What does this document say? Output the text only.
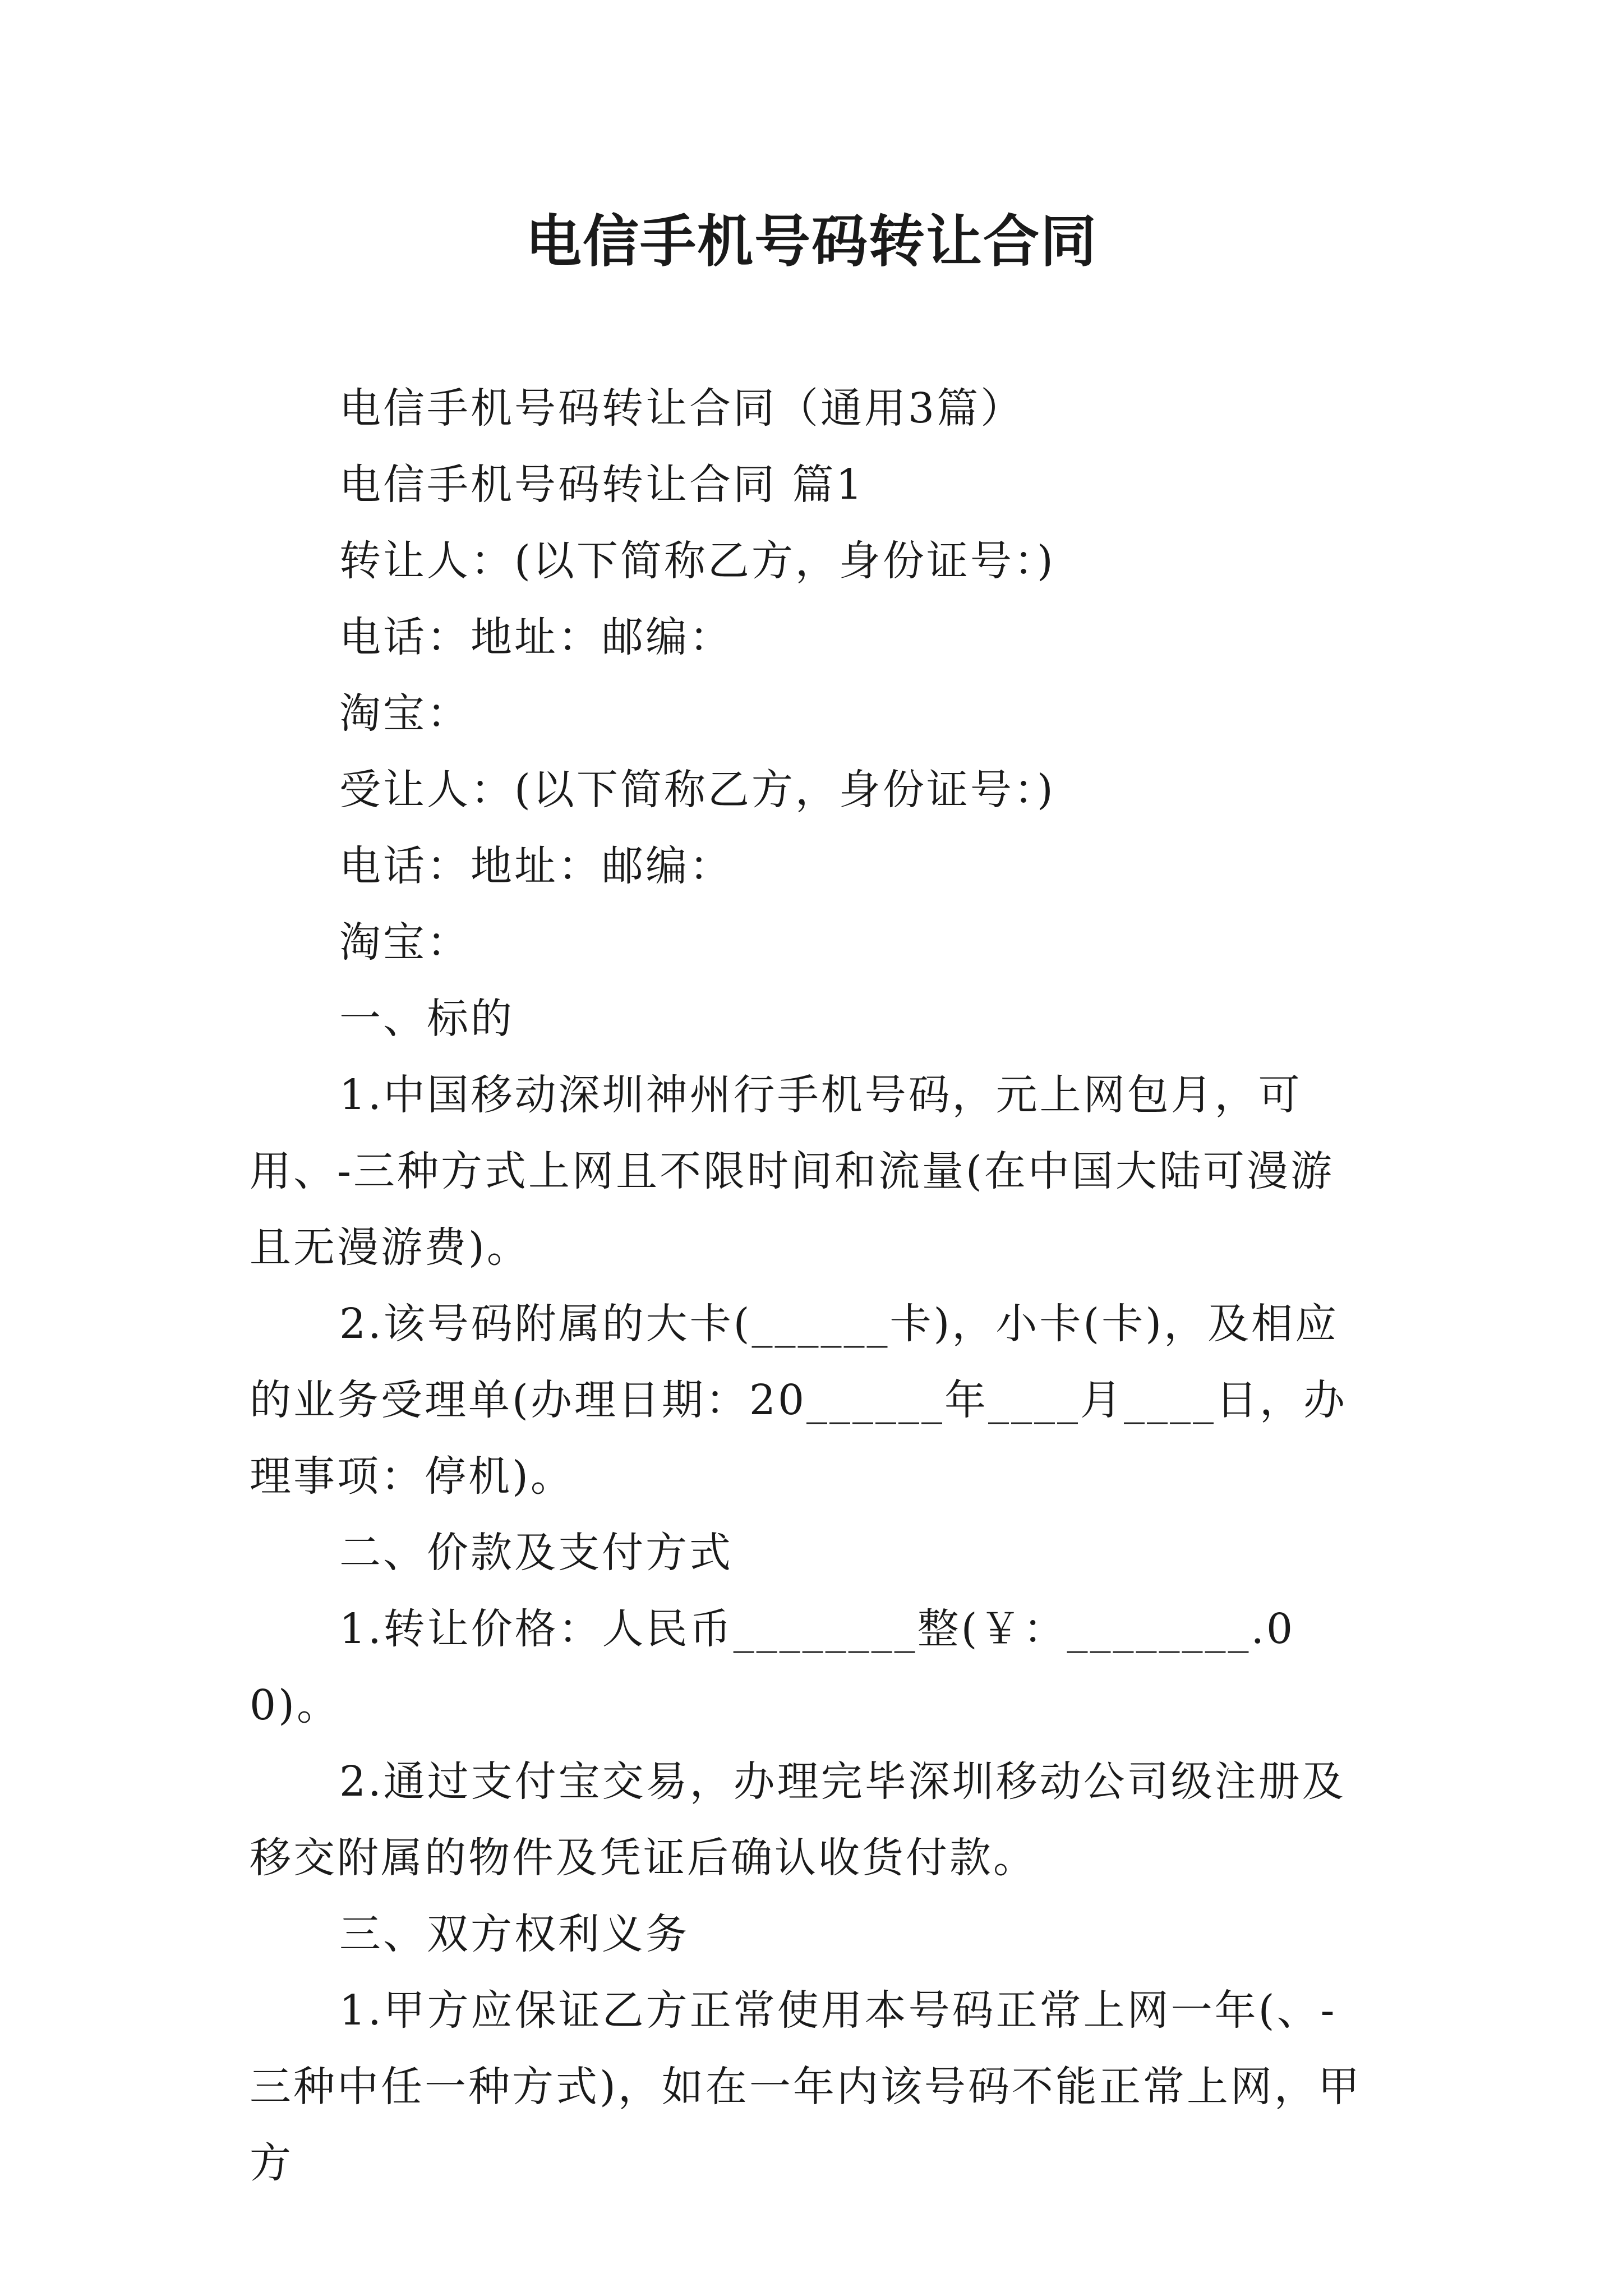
电信手机号码转让合同

电信手机号码转让合同（通用3篇）

电信手机号码转让合同 篇1

转让人：(以下简称乙方，身份证号：)

电话：地址：邮编：

淘宝：

受让人：(以下简称乙方，身份证号：)

电话：地址：邮编：

淘宝：

一、标的

1.中国移动深圳神州行手机号码，元上网包月，可用、-三种方式上网且不限时间和流量(在中国大陆可漫游且无漫游费)。

2.该号码附属的大卡(______卡)，小卡(卡)，及相应的业务受理单(办理日期：20______年____月____日，办理事项：停机)。

二、价款及支付方式

1.转让价格：人民币________整(￥：________.00)。

2.通过支付宝交易，办理完毕深圳移动公司级注册及移交附属的物件及凭证后确认收货付款。

三、双方权利义务

1.甲方应保证乙方正常使用本号码正常上网一年(、-三种中任一种方式)，如在一年内该号码不能正常上网，甲方
